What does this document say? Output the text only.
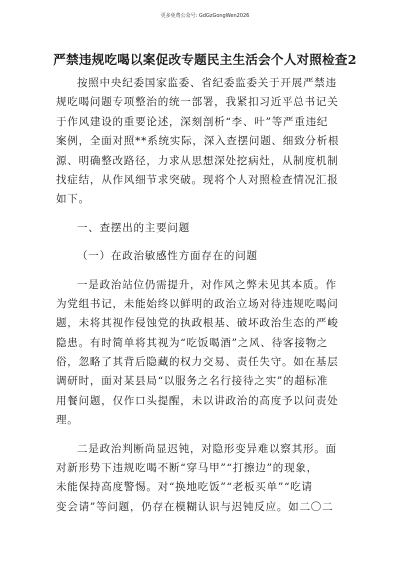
更多免费公众号: GdGzGongWen2026
严禁违规吃喝以案促改专题民主生活会个人对照检查2
按照中央纪委国家监委、省纪委监委关于开展严禁违
规吃喝问题专项整治的统一部署，我紧扣习近平总书记关
于作风建设的重要论述，深刻剖析“李、叶”等严重违纪
案例，全面对照**系统实际，深入查摆问题、细致分析根
源、明确整改路径，力求从思想深处挖病灶，从制度机制
找症结，从作风细节求突破。现将个人对照检查情况汇报
如下。
一、查摆出的主要问题
（一）在政治敏感性方面存在的问题
一是政治站位仍需提升，对作风之弊未见其本质。作
为党组书记，未能始终以鲜明的政治立场对待违规吃喝问
题，未将其视作侵蚀党的执政根基、破坏政治生态的严峻
隐患。有时简单将其视为“吃饭喝酒”之风、待客接物之
俗，忽略了其背后隐藏的权力交易、责任失守。如在基层
调研时，面对某县局“以服务之名行接待之实”的超标准
用餐问题，仅作口头提醒，未以讲政治的高度予以问责处
理。
二是政治判断尚显迟钝，对隐形变异难以察其形。面
对新形势下违规吃喝不断“穿马甲”“打擦边”的现象，
未能保持高度警惕。对“换地吃饭”“老板买单”“吃请
变会请”等问题，仍存在模糊认识与迟钝反应。如二〇二
